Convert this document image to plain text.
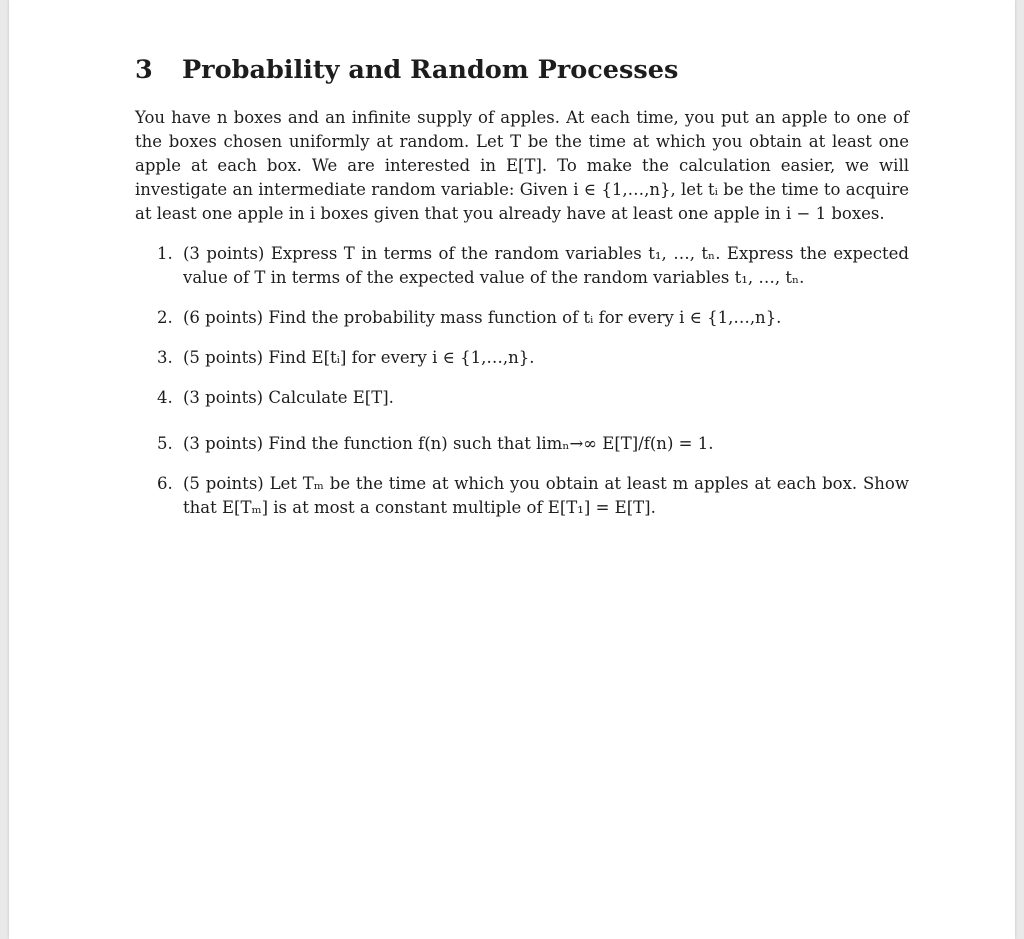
3 Probability and Random Processes

You have n boxes and an infinite supply of apples. At each time, you put an apple to one of the boxes chosen uniformly at random. Let T be the time at which you obtain at least one apple at each box. We are interested in E[T]. To make the calculation easier, we will investigate an intermediate random variable: Given i ∈ {1,…,n}, let tᵢ be the time to acquire at least one apple in i boxes given that you already have at least one apple in i − 1 boxes.

1. (3 points) Express T in terms of the random variables t₁, …, tₙ. Express the expected value of T in terms of the expected value of the random variables t₁, …, tₙ.
2. (6 points) Find the probability mass function of tᵢ for every i ∈ {1,…,n}.
3. (5 points) Find E[tᵢ] for every i ∈ {1,…,n}.
4. (3 points) Calculate E[T].
5. (3 points) Find the function f(n) such that limₙ→∞ E[T]/f(n) = 1.
6. (5 points) Let Tₘ be the time at which you obtain at least m apples at each box. Show that E[Tₘ] is at most a constant multiple of E[T₁] = E[T].
